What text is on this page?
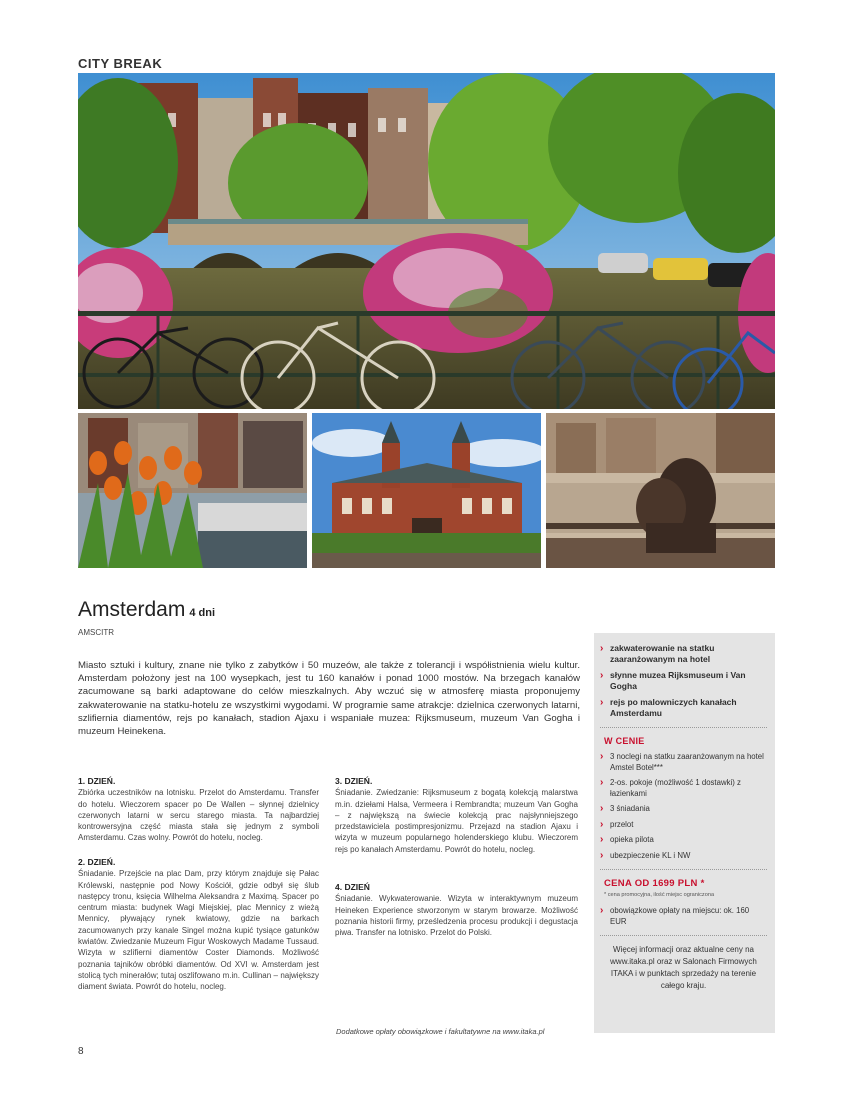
CITY BREAK
Amsterdam 4 dni
AMSCITR

Miasto sztuki i kultury, znane nie tylko z zabytków i 50 muzeów, ale także z tolerancji i współistnienia wielu kultur. Amsterdam położony jest na 100 wysepkach, jest tu 160 kanałów i ponad 1000 mostów. Na brzegach kanałów zacumowane są barki adaptowane do celów mieszkalnych. Aby wczuć się w atmosferę miasta proponujemy zakwaterowanie na statku-hotelu ze wszystkimi wygodami. W programie same atrakcje: dzielnica czerwonych latarni, szlifiernia diamentów, rejs po kanałach, stadion Ajaxu i wspaniałe muzea: Rijksmuseum, muzeum Van Gogha i muzeum Heinekena.

1. DZIEŃ.
Zbiórka uczestników na lotnisku. Przelot do Amsterdamu. Transfer do hotelu. Wieczorem spacer po De Wallen – słynnej dzielnicy czerwonych latarni w sercu starego miasta. Ta najbardziej kontrowersyjna część miasta stała się jednym z symboli Amsterdamu. Czas wolny. Powrót do hotelu, nocleg.
2. DZIEŃ.
Śniadanie. Przejście na plac Dam, przy którym znajduje się Pałac Królewski, następnie pod Nowy Kościół, gdzie odbył się ślub następcy tronu, księcia Wilhelma Aleksandra z Maximą. Spacer po centrum miasta: budynek Wagi Miejskiej, plac Mennicy z wieżą Mennicy, pływający rynek kwiatowy, gdzie na barkach zacumowanych przy kanale Singel można kupić tysiące gatunków kwiatów. Zwiedzanie Muzeum Figur Woskowych Madame Tussaud. Wizyta w szlifierni diamentów Coster Diamonds. Możliwość poznania tajników obróbki diamentów. Od XVI w. Amsterdam jest stolicą tych minerałów; tutaj oszlifowano m.in. Cullinan – największy diament świata. Powrót do hotelu, nocleg.
3. DZIEŃ.
Śniadanie. Zwiedzanie: Rijksmuseum z bogatą kolekcją malarstwa m.in. dziełami Halsa, Vermeera i Rembrandta; muzeum Van Gogha – z największą na świecie kolekcją prac najsłynniejszego przedstawiciela postimpresjonizmu. Przejazd na stadion Ajaxu i wizyta w muzeum popularnego holenderskiego klubu. Wieczorem rejs po kanałach Amsterdamu. Powrót do hotelu, nocleg.
4. DZIEŃ
Śniadanie. Wykwaterowanie. Wizyta w interaktywnym muzeum Heineken Experience stworzonym w starym browarze. Możliwość poznania historii firmy, prześledzenia procesu produkcji i degustacja piwa. Transfer na lotnisko. Przelot do Polski.
Dodatkowe opłaty obowiązkowe i fakultatywne na www.itaka.pl
8
› zakwaterowanie na statku zaaranżowanym na hotel
› słynne muzea Rijksmuseum i Van Gogha
› rejs po malowniczych kanałach Amsterdamu
W CENIE
› 3 noclegi na statku zaaranżowanym na hotel Amstel Botel***
› 2-os. pokoje (możliwość 1 dostawki) z łazienkami
› 3 śniadania
› przelot
› opieka pilota
› ubezpieczenie KL i NW
CENA OD 1699 PLN *
* cena promocyjna, ilość miejsc ograniczona
› obowiązkowe opłaty na miejscu: ok. 160 EUR
Więcej informacji oraz aktualne ceny na www.itaka.pl oraz w Salonach Firmowych ITAKA i w punktach sprzedaży na terenie całego kraju.
